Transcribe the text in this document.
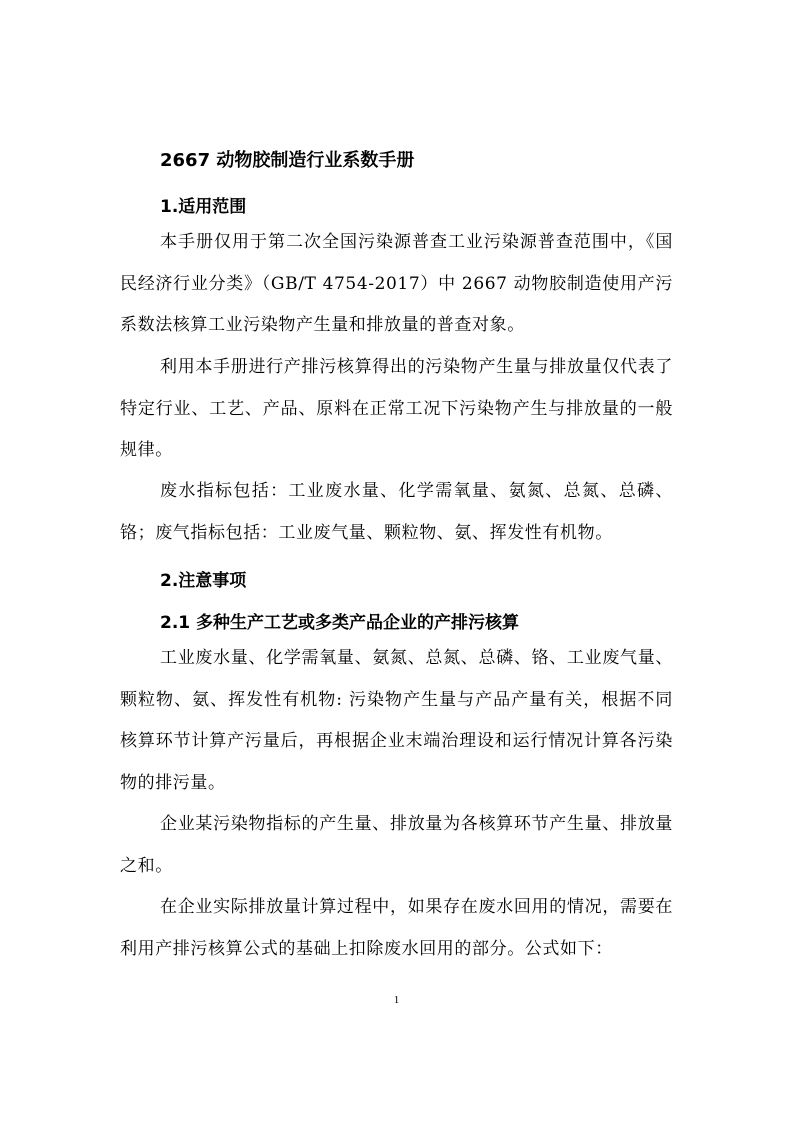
2667 动物胶制造行业系数手册
1.适用范围

本手册仅用于第二次全国污染源普查工业污染源普查范围中，《国民经济行业分类》（GB/T 4754-2017）中 2667 动物胶制造使用产污系数法核算工业污染物产生量和排放量的普查对象。

利用本手册进行产排污核算得出的污染物产生量与排放量仅代表了特定行业、工艺、产品、原料在正常工况下污染物产生与排放量的一般规律。

废水指标包括：工业废水量、化学需氧量、氨氮、总氮、总磷、铬；废气指标包括：工业废气量、颗粒物、氨、挥发性有机物。

2.注意事项
2.1 多种生产工艺或多类产品企业的产排污核算

工业废水量、化学需氧量、氨氮、总氮、总磷、铬、工业废气量、颗粒物、氨、挥发性有机物: 污染物产生量与产品产量有关，根据不同核算环节计算产污量后，再根据企业末端治理设和运行情况计算各污染物的排污量。

企业某污染物指标的产生量、排放量为各核算环节产生量、排放量之和。

在企业实际排放量计算过程中，如果存在废水回用的情况，需要在利用产排污核算公式的基础上扣除废水回用的部分。公式如下：

1
